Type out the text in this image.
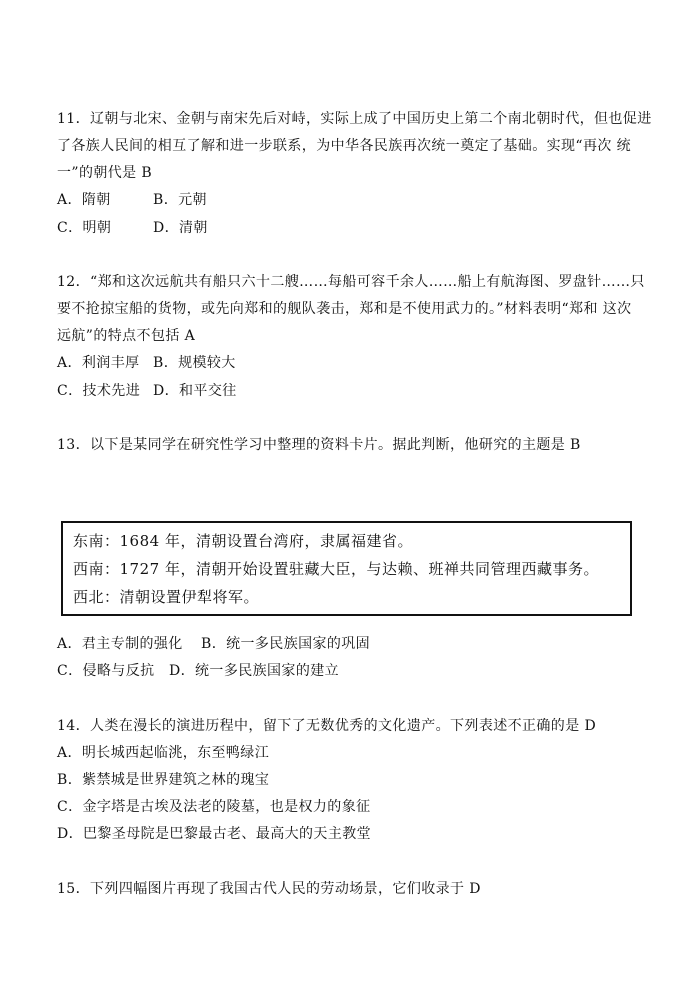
11．辽朝与北宋、金朝与南宋先后对峙，实际上成了中国历史上第二个南北朝时代，但也促进
了各族人民间的相互了解和进一步联系，为中华各民族再次统一奠定了基础。实现“再次 统
一”的朝代是 B
A．隋朝	B．元朝
C．明朝	D．清朝
12．“郑和这次远航共有船只六十二艘……每船可容千余人……船上有航海图、罗盘针……只
要不抢掠宝船的货物，或先向郑和的舰队袭击，郑和是不使用武力的。”材料表明“郑和 这次
远航”的特点不包括 A
A．利润丰厚 B．规模较大
C．技术先进 D．和平交往
13．以下是某同学在研究性学习中整理的资料卡片。据此判断，他研究的主题是 B
东南：1684 年，清朝设置台湾府，隶属福建省。
西南：1727 年，清朝开始设置驻藏大臣，与达赖、班禅共同管理西藏事务。
西北：清朝设置伊犁将军。
A．君主专制的强化 B．统一多民族国家的巩固
C．侵略与反抗 D．统一多民族国家的建立
14．人类在漫长的演进历程中，留下了无数优秀的文化遗产。下列表述不正确的是 D
A．明长城西起临洮，东至鸭绿江
B．紫禁城是世界建筑之林的瑰宝
C．金字塔是古埃及法老的陵墓，也是权力的象征
D．巴黎圣母院是巴黎最古老、最高大的天主教堂
15．下列四幅图片再现了我国古代人民的劳动场景，它们收录于 D
